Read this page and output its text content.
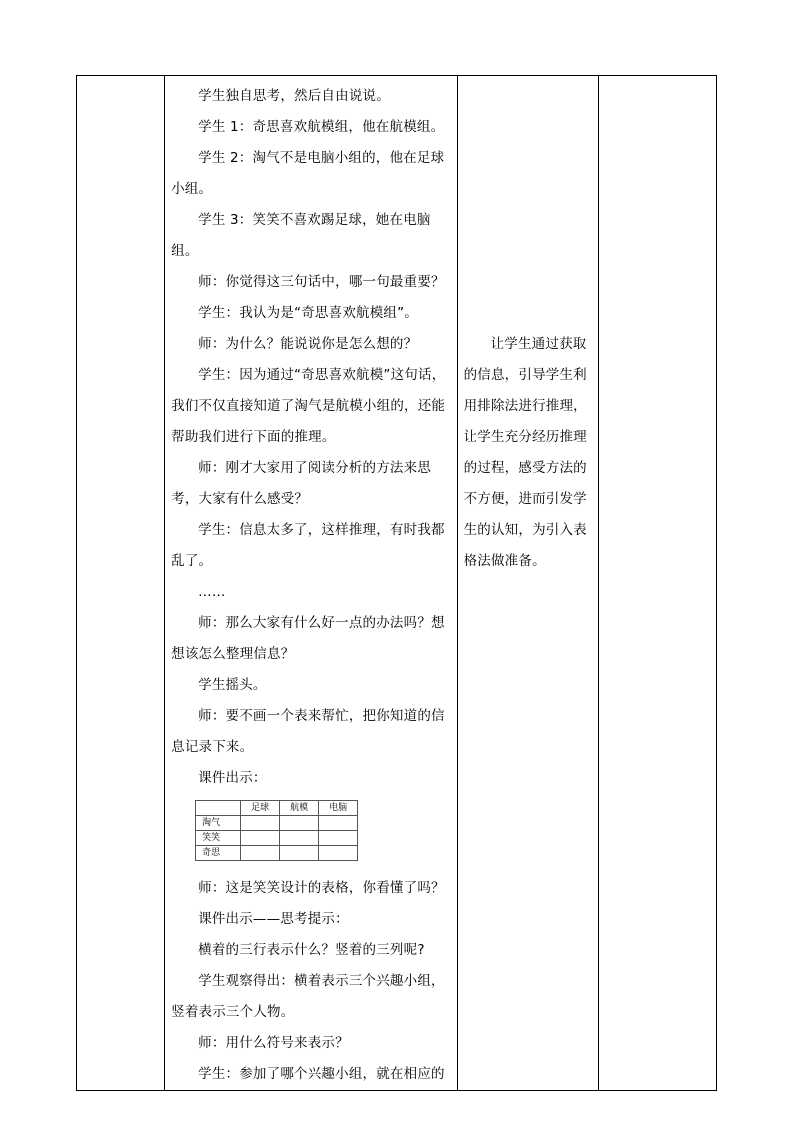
学生独自思考，然后自由说说。

学生 1：奇思喜欢航模组，他在航模组。

学生 2：淘气不是电脑小组的，他在足球小组。

学生 3：笑笑不喜欢踢足球，她在电脑组。

师：你觉得这三句话中，哪一句最重要？

学生：我认为是“奇思喜欢航模组”。

师：为什么？能说说你是怎么想的？

学生：因为通过“奇思喜欢航模”这句话，我们不仅直接知道了淘气是航模小组的，还能帮助我们进行下面的推理。

师：刚才大家用了阅读分析的方法来思考，大家有什么感受？

学生：信息太多了，这样推理，有时我都乱了。

……

师：那么大家有什么好一点的办法吗？想想该怎么整理信息？

学生摇头。

师：要不画一个表来帮忙，把你知道的信息记录下来。

课件出示：

	足球	航模	电脑
淘气			
笑笑			
奇思			

师：这是笑笑设计的表格，你看懂了吗？

课件出示——思考提示：

横着的三行表示什么？竖着的三列呢?

学生观察得出：横着表示三个兴趣小组，竖着表示三个人物。

师：用什么符号来表示？

学生：参加了哪个兴趣小组，就在相应的

让学生通过获取的信息，引导学生利用排除法进行推理，让学生充分经历推理的过程，感受方法的不方便，进而引发学生的认知，为引入表格法做准备。
